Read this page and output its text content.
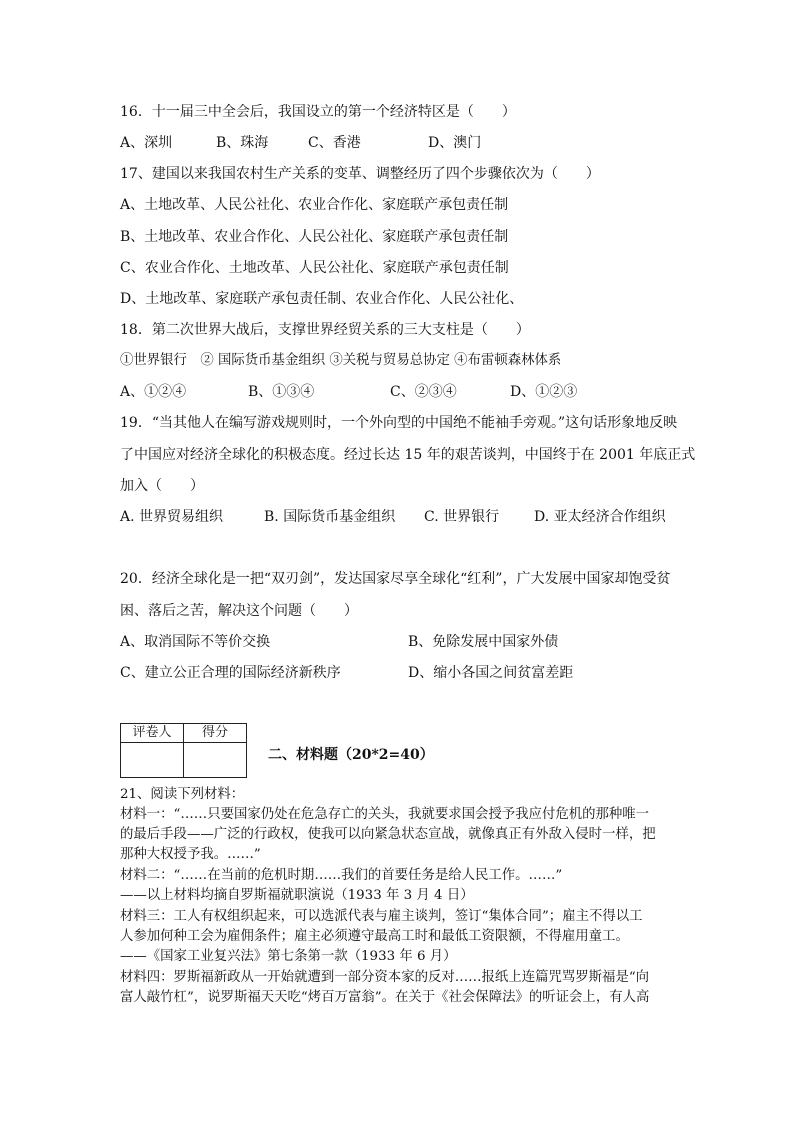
16．十一届三中全会后，我国设立的第一个经济特区是（　　）
A、深圳	B、珠海	C、香港	D、澳门
17、建国以来我国农村生产关系的变革、调整经历了四个步骤依次为（　　）
A、土地改革、人民公社化、农业合作化、家庭联产承包责任制
B、土地改革、农业合作化、人民公社化、家庭联产承包责任制
C、农业合作化、土地改革、人民公社化、家庭联产承包责任制
D、土地改革、家庭联产承包责任制、农业合作化、人民公社化、
18．第二次世界大战后，支撑世界经贸关系的三大支柱是（　　）
①世界银行　② 国际货币基金组织 ③关税与贸易总协定 ④布雷顿森林体系
A、①②④	B、①③④	C、②③④	D、①②③
19．“当其他人在编写游戏规则时，一个外向型的中国绝不能袖手旁观。”这句话形象地反映
了中国应对经济全球化的积极态度。经过长达 15 年的艰苦谈判，中国终于在 2001 年底正式
加入（　　）
A. 世界贸易组织	B. 国际货币基金组织 C. 世界银行 D. 亚太经济合作组织
20．经济全球化是一把“双刃剑”，发达国家尽享全球化“红利”，广大发展中国家却饱受贫
困、落后之苦，解决这个问题（　　）
A、取消国际不等价交换	B、免除发展中国家外债
C、建立公正合理的国际经济新秩序	D、缩小各国之间贫富差距
评卷人	得分

二、材料题（20*2=40）
21、阅读下列材料：
材料一：“……只要国家仍处在危急存亡的关头，我就要求国会授予我应付危机的那种唯一
的最后手段——广泛的行政权，使我可以向紧急状态宣战，就像真正有外敌入侵时一样，把
那种大权授予我。……”
材料二：“……在当前的危机时期……我们的首要任务是给人民工作。……”
——以上材料均摘自罗斯福就职演说（1933 年 3 月 4 日）
材料三：工人有权组织起来，可以选派代表与雇主谈判，签订“集体合同”；雇主不得以工
人参加何种工会为雇佣条件；雇主必须遵守最高工时和最低工资限额，不得雇用童工。
——《国家工业复兴法》第七条第一款（1933 年 6 月）
材料四：罗斯福新政从一开始就遭到一部分资本家的反对……报纸上连篇咒骂罗斯福是“向
富人敲竹杠”，说罗斯福天天吃“烤百万富翁”。在关于《社会保障法》的听证会上，有人高
